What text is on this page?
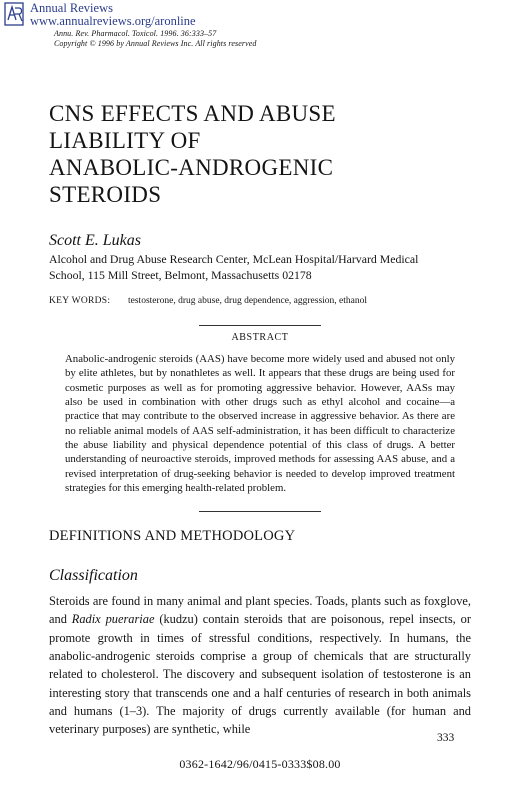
Annual Reviews
www.annualreviews.org/aronline
Annu. Rev. Pharmacol. Toxicol. 1996. 36:333–57
Copyright © 1996 by Annual Reviews Inc. All rights reserved
CNS EFFECTS AND ABUSE
LIABILITY OF
ANABOLIC-ANDROGENIC
STEROIDS
Scott E. Lukas
Alcohol and Drug Abuse Research Center, McLean Hospital/Harvard Medical
School, 115 Mill Street, Belmont, Massachusetts 02178
KEY WORDS: testosterone, drug abuse, drug dependence, aggression, ethanol
ABSTRACT
Anabolic-androgenic steroids (AAS) have become more widely used and abused not only by elite athletes, but by nonathletes as well. It appears that these drugs are being used for cosmetic purposes as well as for promoting aggressive behavior. However, AASs may also be used in combination with other drugs such as ethyl alcohol and cocaine—a practice that may contribute to the observed increase in aggressive behavior. As there are no reliable animal models of AAS self-administration, it has been difficult to characterize the abuse liability and physical dependence potential of this class of drugs. A better understanding of neuroactive steroids, improved methods for assessing AAS abuse, and a revised interpretation of drug-seeking behavior is needed to develop improved treatment strategies for this emerging health-related problem.
DEFINITIONS AND METHODOLOGY
Classification
Steroids are found in many animal and plant species. Toads, plants such as foxglove, and Radix puerariae (kudzu) contain steroids that are poisonous, repel insects, or promote growth in times of stressful conditions, respectively. In humans, the anabolic-androgenic steroids comprise a group of chemicals that are structurally related to cholesterol. The discovery and subsequent isolation of testosterone is an interesting story that transcends one and a half centuries of research in both animals and humans (1–3). The majority of drugs currently available (for human and veterinary purposes) are synthetic, while
333
0362-1642/96/0415-0333$08.00
